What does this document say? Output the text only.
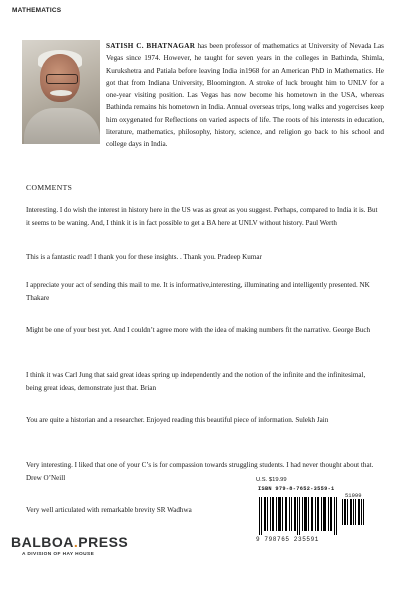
MATHEMATICS
SATISH C. BHATNAGAR has been professor of mathematics at University of Nevada Las Vegas since 1974. However, he taught for seven years in the colleges in Bathinda, Shimla, Kurukshetra and Patiala before leaving India in1968 for an American PhD in Mathematics. He got that from Indiana University, Bloomington. A stroke of luck brought him to UNLV for a one-year visiting position. Las Vegas has now become his hometown in the USA, whereas Bathinda remains his hometown in India. Annual overseas trips, long walks and yogercises keep him oxygenated for Reflections on varied aspects of life. The roots of his interests in education, literature, mathematics, philosophy, history, science, and religion go back to his school and college days in India.
COMMENTS
Interesting. I do wish the interest in history here in the US was as great as you suggest. Perhaps, compared to India it is. But it seems to be waning. And, I think it is in fact possible to get a BA here at UNLV without history. Paul Werth
This is a fantastic read! I thank you for these insights. . Thank you. Pradeep Kumar
I appreciate your act of sending this mail to me. It is informative,interesting, illuminating and intelligently presented. NK Thakare
Might be one of your best yet. And I couldn’t agree more with the idea of making numbers fit the narrative. George Buch
I think it was Carl Jung that said great ideas spring up independently and the notion of the infinite and the infinitesimal, being great ideas, demonstrate just that. Brian
You are quite a historian and a researcher. Enjoyed reading this beautiful piece of information. Sulekh Jain
Very interesting. I liked that one of your C’s is for compassion towards struggling students. I had never thought about that. Drew O’Neill
Very well articulated with remarkable brevity SR Wadhwa
U.S. $19.99
ISBN 979-8-7652-3559-1
51999
9 798765 235591
BALBOA.PRESS
A DIVISION OF HAY HOUSE
